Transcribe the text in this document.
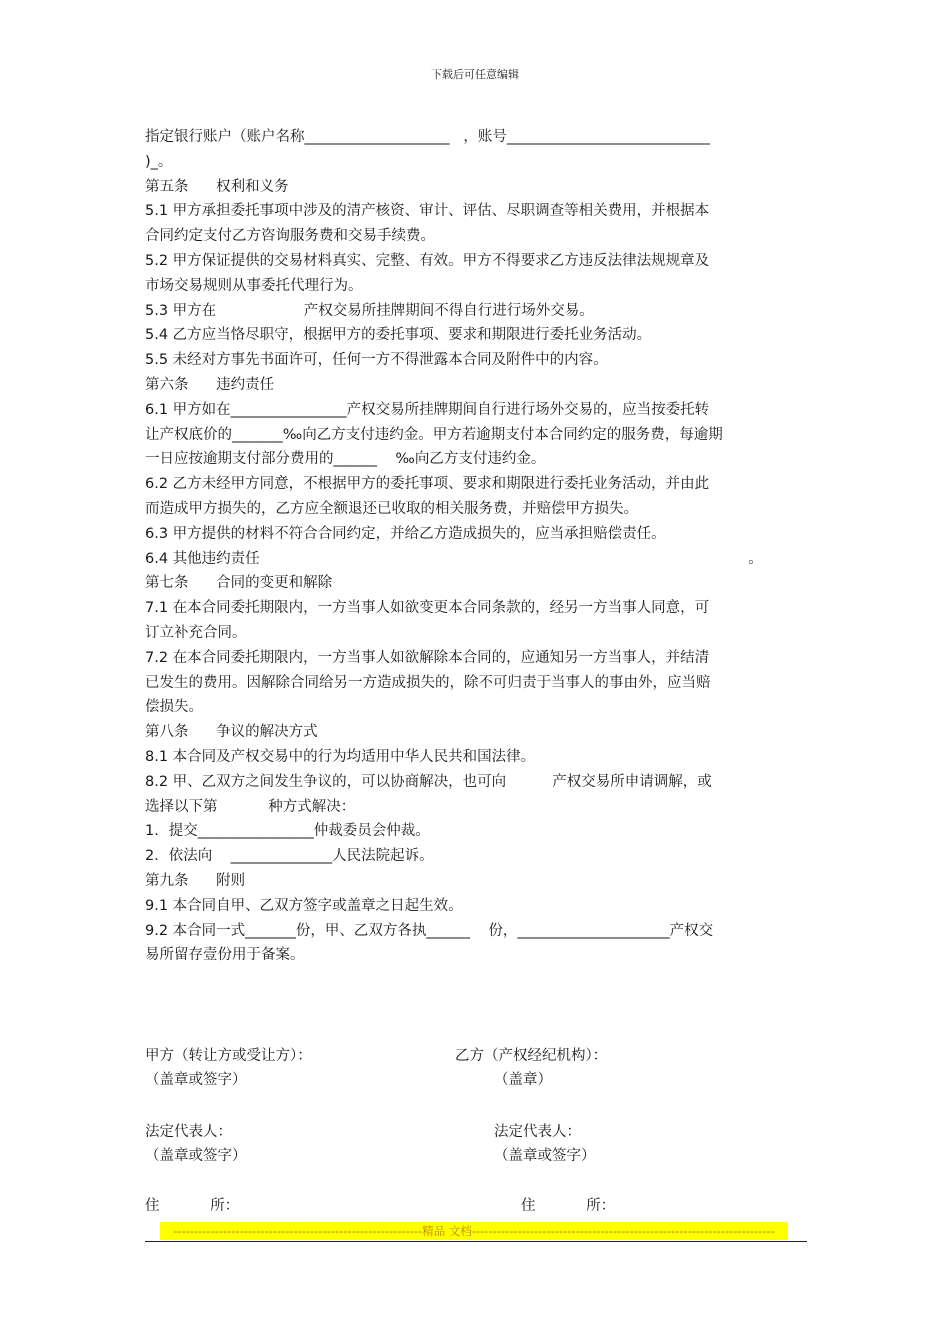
下载后可任意编辑
指定银行账户（账户名称____________________   ，账号____________________________
)_。
第五条      权利和义务
5.1 甲方承担委托事项中涉及的清产核资、审计、评估、尽职调查等相关费用，并根据本
合同约定支付乙方咨询服务费和交易手续费。
5.2 甲方保证提供的交易材料真实、完整、有效。甲方不得要求乙方违反法律法规规章及
市场交易规则从事委托代理行为。
5.3 甲方在                   产权交易所挂牌期间不得自行进行场外交易。
5.4 乙方应当恪尽职守，根据甲方的委托事项、要求和期限进行委托业务活动。
5.5 未经对方事先书面许可，任何一方不得泄露本合同及附件中的内容。
第六条      违约责任
6.1 甲方如在________________产权交易所挂牌期间自行进行场外交易的，应当按委托转
让产权底价的_______‰向乙方支付违约金。甲方若逾期支付本合同约定的服务费，每逾期
一日应按逾期支付部分费用的______    ‰向乙方支付违约金。
6.2 乙方未经甲方同意，不根据甲方的委托事项、要求和期限进行委托业务活动，并由此
而造成甲方损失的，乙方应全额退还已收取的相关服务费，并赔偿甲方损失。
6.3 甲方提供的材料不符合合同约定，并给乙方造成损失的，应当承担赔偿责任。
6.4 其他违约责任                                                                                                          。
第七条      合同的变更和解除
7.1 在本合同委托期限内，一方当事人如欲变更本合同条款的，经另一方当事人同意，可
订立补充合同。
7.2 在本合同委托期限内，一方当事人如欲解除本合同的，应通知另一方当事人，并结清
已发生的费用。因解除合同给另一方造成损失的，除不可归责于当事人的事由外，应当赔
偿损失。
第八条      争议的解决方式
8.1 本合同及产权交易中的行为均适用中华人民共和国法律。
8.2 甲、乙双方之间发生争议的，可以协商解决，也可向          产权交易所申请调解，或
选择以下第           种方式解决：
1．提交________________仲裁委员会仲裁。
2．依法向    ______________人民法院起诉。
第九条      附则
9.1 本合同自甲、乙双方签字或盖章之日起生效。
9.2 本合同一式_______份，甲、乙双方各执______    份，_____________________产权交
易所留存壹份用于备案。
甲方（转让方或受让方）：
（盖章或签字）
乙方（产权经纪机构）：
（盖章）
法定代表人：
（盖章或签字）
法定代表人：
（盖章或签字）
住           所：	住           所：
------------------------------------------------------------精品 文档-------------------------------------------------------------------------
